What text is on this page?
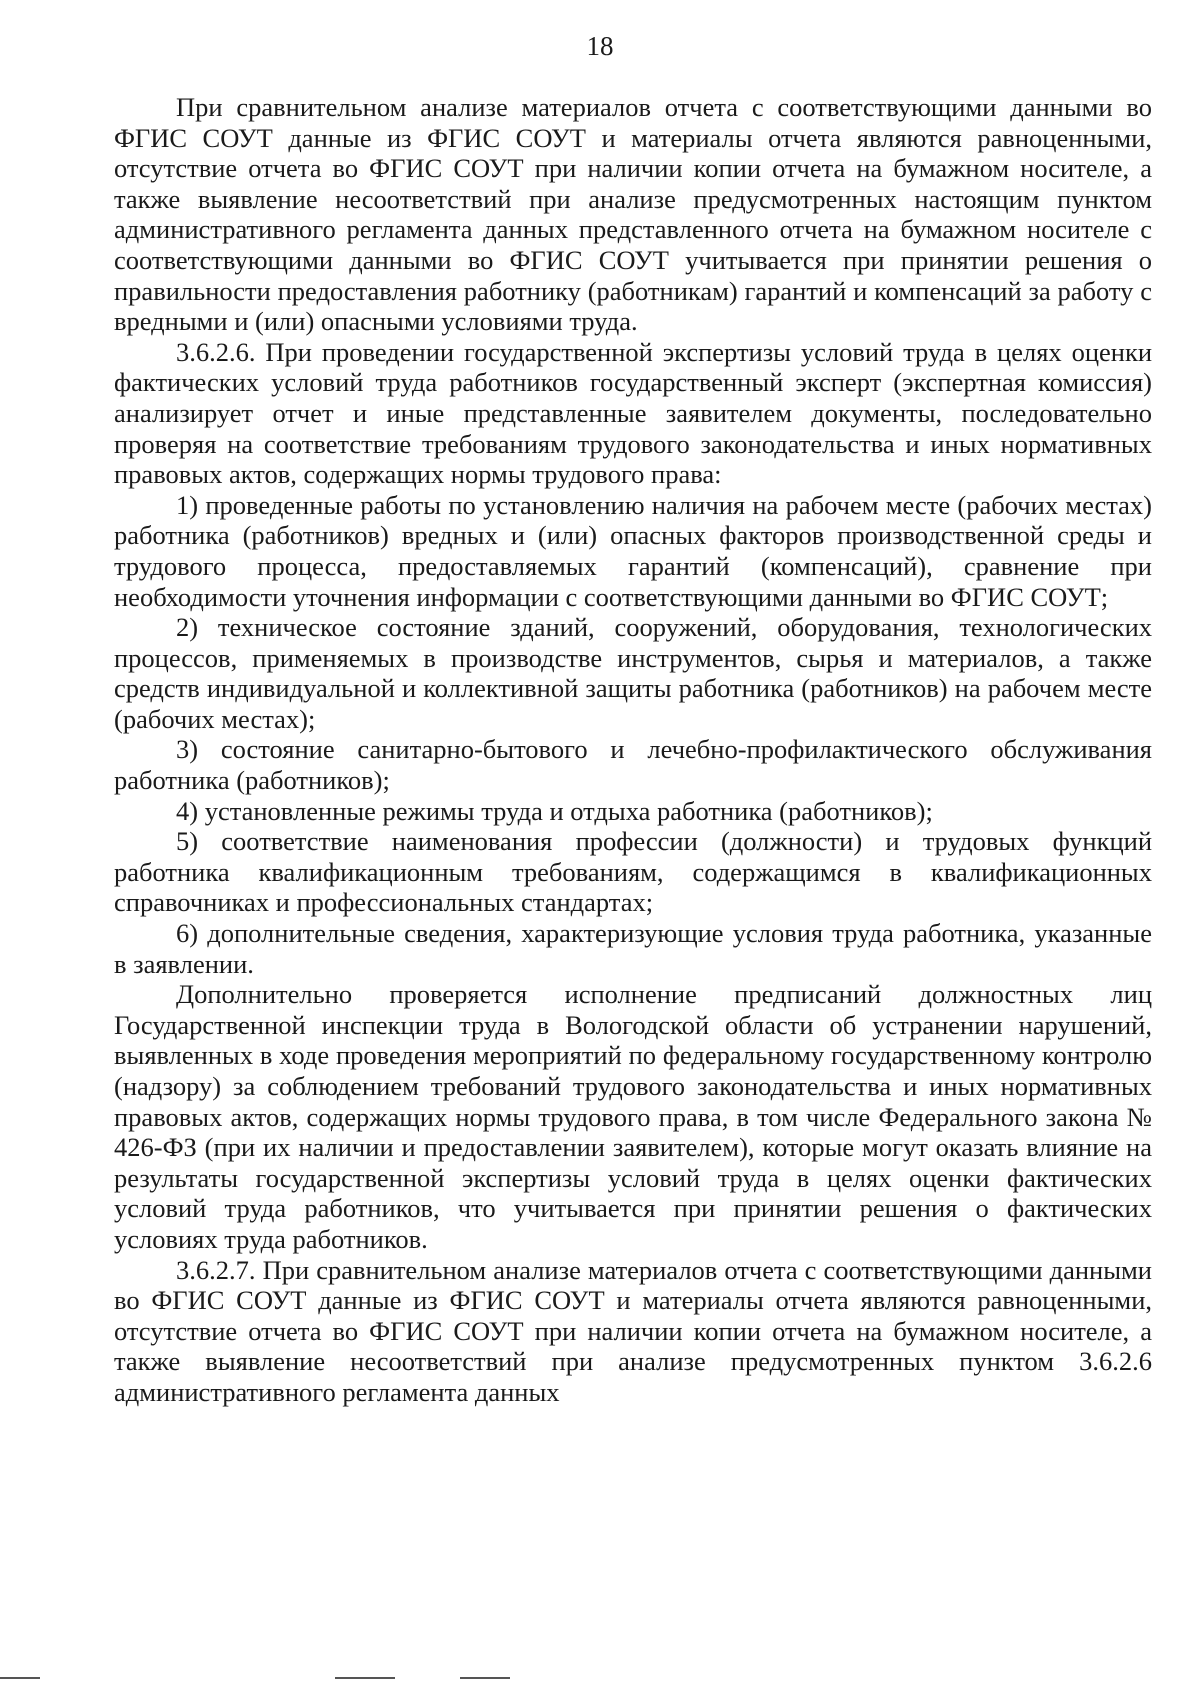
18

При сравнительном анализе материалов отчета с соответствующими данными во ФГИС СОУТ данные из ФГИС СОУТ и материалы отчета являются равноценными, отсутствие отчета во ФГИС СОУТ при наличии копии отчета на бумажном носителе, а также выявление несоответствий при анализе предусмотренных настоящим пунктом административного регламента данных представленного отчета на бумажном носителе с соответствующими данными во ФГИС СОУТ учитывается при принятии решения о правильности предоставления работнику (работникам) гарантий и компенсаций за работу с вредными и (или) опасными условиями труда.

3.6.2.6. При проведении государственной экспертизы условий труда в целях оценки фактических условий труда работников государственный эксперт (экспертная комиссия) анализирует отчет и иные представленные заявителем документы, последовательно проверяя на соответствие требованиям трудового законодательства и иных нормативных правовых актов, содержащих нормы трудового права:

1) проведенные работы по установлению наличия на рабочем месте (рабочих местах) работника (работников) вредных и (или) опасных факторов производственной среды и трудового процесса, предоставляемых гарантий (компенсаций), сравнение при необходимости уточнения информации с соответствующими данными во ФГИС СОУТ;

2) техническое состояние зданий, сооружений, оборудования, технологических процессов, применяемых в производстве инструментов, сырья и материалов, а также средств индивидуальной и коллективной защиты работника (работников) на рабочем месте (рабочих местах);

3) состояние санитарно-бытового и лечебно-профилактического обслуживания работника (работников);

4) установленные режимы труда и отдыха работника (работников);

5) соответствие наименования профессии (должности) и трудовых функций работника квалификационным требованиям, содержащимся в квалификационных справочниках и профессиональных стандартах;

6) дополнительные сведения, характеризующие условия труда работника, указанные в заявлении.

Дополнительно проверяется исполнение предписаний должностных лиц Государственной инспекции труда в Вологодской области об устранении нарушений, выявленных в ходе проведения мероприятий по федеральному государственному контролю (надзору) за соблюдением требований трудового законодательства и иных нормативных правовых актов, содержащих нормы трудового права, в том числе Федерального закона № 426-ФЗ (при их наличии и предоставлении заявителем), которые могут оказать влияние на результаты государственной экспертизы условий труда в целях оценки фактических условий труда работников, что учитывается при принятии решения о фактических условиях труда работников.

3.6.2.7. При сравнительном анализе материалов отчета с соответствующими данными во ФГИС СОУТ данные из ФГИС СОУТ и материалы отчета являются равноценными, отсутствие отчета во ФГИС СОУТ при наличии копии отчета на бумажном носителе, а также выявление несоответствий при анализе предусмотренных пунктом 3.6.2.6 административного регламента данных
